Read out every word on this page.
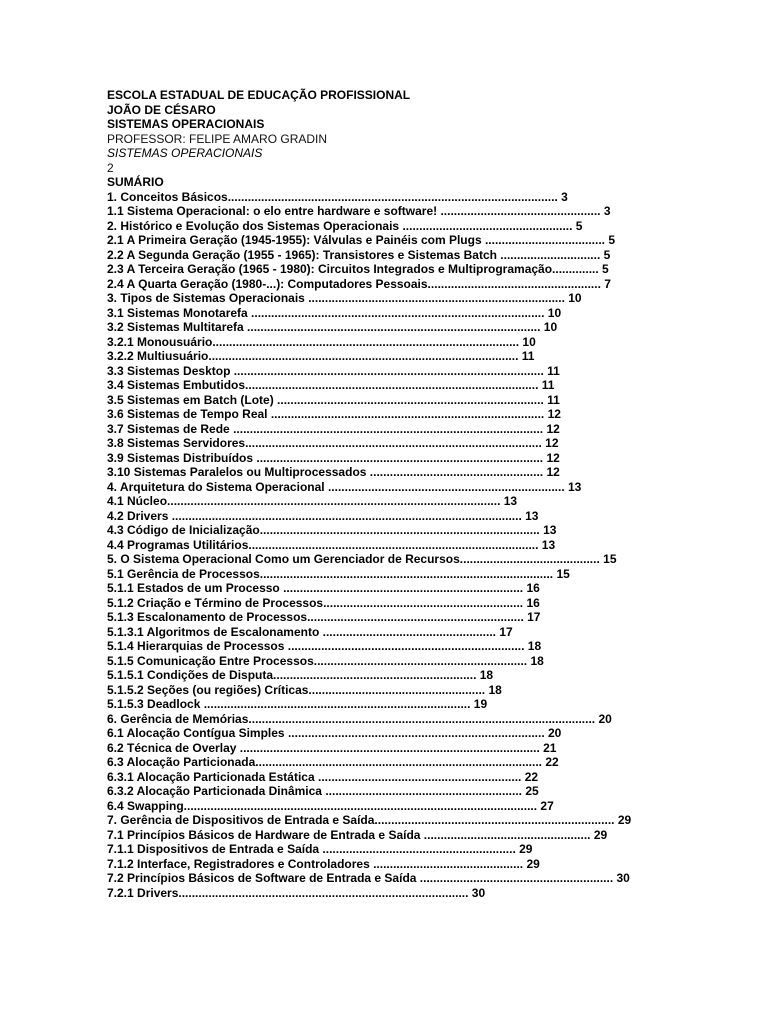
ESCOLA ESTADUAL DE EDUCAÇÃO PROFISSIONAL
JOÃO DE CÉSARO
SISTEMAS OPERACIONAIS
PROFESSOR: FELIPE AMARO GRADIN
SISTEMAS OPERACIONAIS
2
SUMÁRIO
1. Conceitos Básicos................................................................................................... 3
1.1 Sistema Operacional: o elo entre hardware e software! ................................................ 3
2. Histórico e Evolução dos Sistemas Operacionais ................................................... 5
2.1 A Primeira Geração (1945-1955): Válvulas e Painéis com Plugs .................................... 5
2.2 A Segunda Geração (1955 - 1965): Transistores e Sistemas Batch .............................. 5
2.3 A Terceira Geração (1965 - 1980): Circuitos Integrados e Multiprogramação.............. 5
2.4 A Quarta Geração (1980-...): Computadores Pessoais.................................................... 7
3. Tipos de Sistemas Operacionais ............................................................................. 10
3.1 Sistemas Monotarefa ........................................................................................ 10
3.2 Sistemas Multitarefa ........................................................................................ 10
3.2.1 Monousuário............................................................................................ 10
3.2.2 Multiusuário............................................................................................. 11
3.3 Sistemas Desktop ............................................................................................. 11
3.4 Sistemas Embutidos........................................................................................ 11
3.5 Sistemas em Batch (Lote) ................................................................................ 11
3.6 Sistemas de Tempo Real .................................................................................. 12
3.7 Sistemas de Rede ............................................................................................. 12
3.8 Sistemas Servidores......................................................................................... 12
3.9 Sistemas Distribuídos ...................................................................................... 12
3.10 Sistemas Paralelos ou Multiprocessados .................................................... 12
4. Arquitetura do Sistema Operacional ....................................................................... 13
4.1 Núcleo.................................................................................................... 13
4.2 Drivers ......................................................................................................... 13
4.3 Código de Inicialização.................................................................................... 13
4.4 Programas Utilitários....................................................................................... 13
5. O Sistema Operacional Como um Gerenciador de Recursos.......................................... 15
5.1 Gerência de Processos........................................................................................ 15
5.1.1 Estados de um Processo ........................................................................ 16
5.1.2 Criação e Término de Processos............................................................ 16
5.1.3 Escalonamento de Processos................................................................. 17
5.1.3.1 Algoritmos de Escalonamento .................................................... 17
5.1.4 Hierarquias de Processos ....................................................................... 18
5.1.5 Comunicação Entre Processos................................................................ 18
5.1.5.1 Condições de Disputa............................................................. 18
5.1.5.2 Seções (ou regiões) Críticas..................................................... 18
5.1.5.3 Deadlock ................................................................................ 19
6. Gerência de Memórias........................................................................................................ 20
6.1 Alocação Contígua Simples ............................................................................. 20
6.2 Técnica de Overlay .......................................................................................... 21
6.3 Alocação Particionada...................................................................................... 22
6.3.1 Alocação Particionada Estática ............................................................. 22
6.3.2 Alocação Particionada Dinâmica ........................................................... 25
6.4 Swapping.......................................................................................................... 27
7. Gerência de Dispositivos de Entrada e Saída........................................................................ 29
7.1 Princípios Básicos de Hardware de Entrada e Saída .................................................. 29
7.1.1 Dispositivos de Entrada e Saída .......................................................... 29
7.1.2 Interface, Registradores e Controladores ............................................. 29
7.2 Princípios Básicos de Software de Entrada e Saída .......................................................... 30
7.2.1 Drivers....................................................................................... 30
